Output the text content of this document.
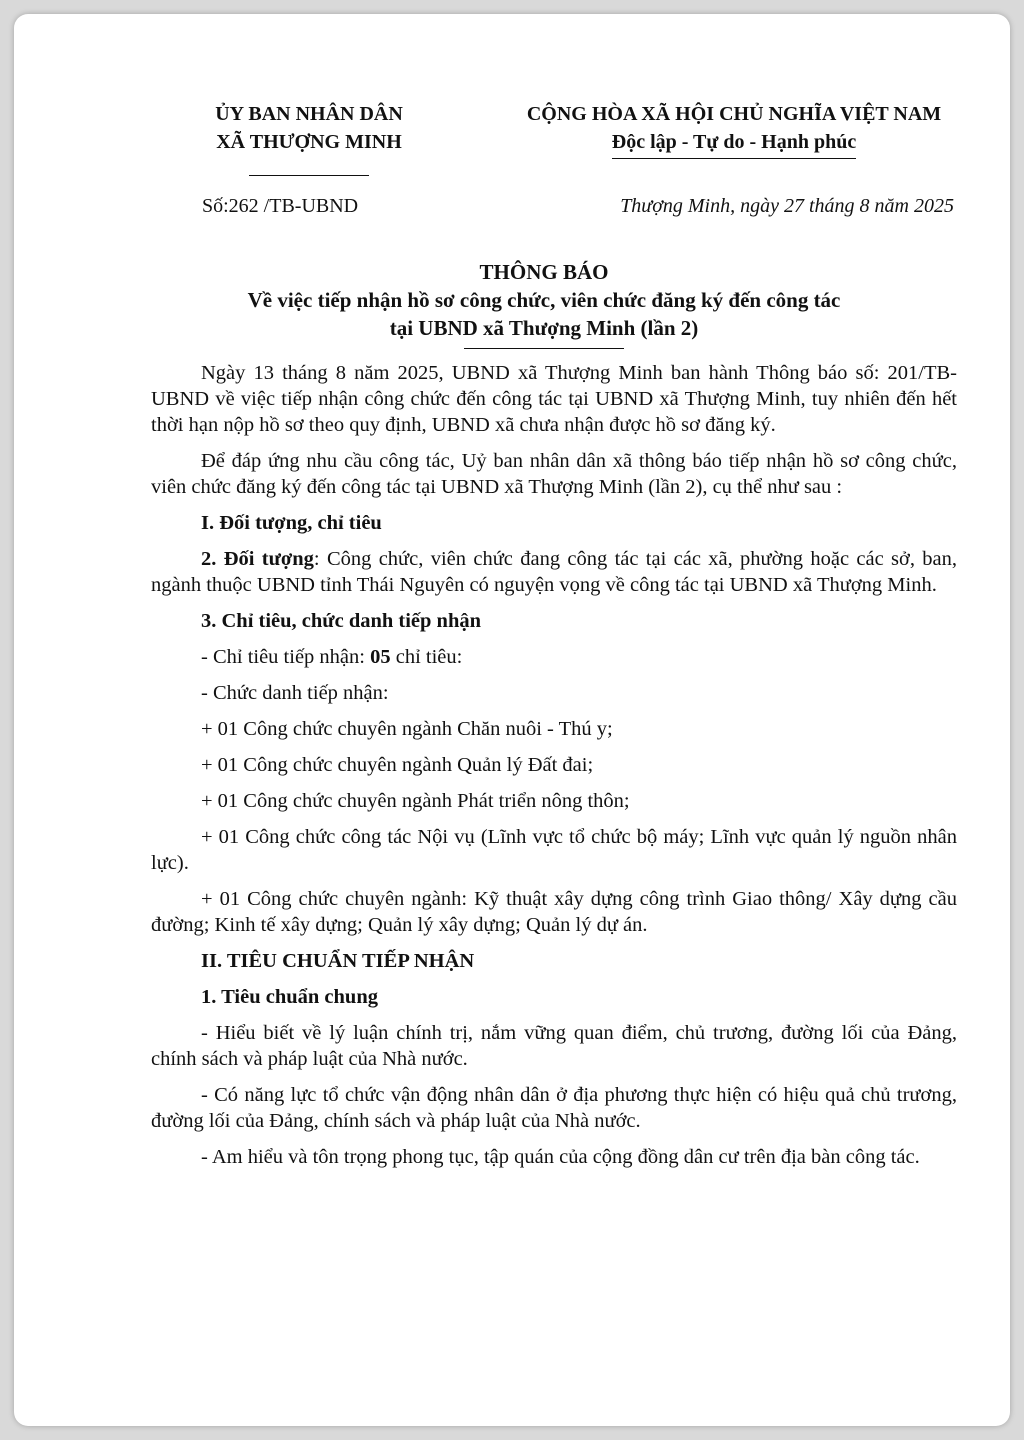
ỦY BAN NHÂN DÂN
XÃ THƯỢNG MINH
CỘNG HÒA XÃ HỘI CHỦ NGHĨA VIỆT NAM
Độc lập - Tự do - Hạnh phúc
Số:262 /TB-UBND	Thượng Minh, ngày 27 tháng 8 năm 2025
THÔNG BÁO
Về việc tiếp nhận hồ sơ công chức, viên chức đăng ký đến công tác
tại UBND xã Thượng Minh (lần 2)

Ngày 13 tháng 8 năm 2025, UBND xã Thượng Minh ban hành Thông báo số: 201/TB-UBND về việc tiếp nhận công chức đến công tác tại UBND xã Thượng Minh, tuy nhiên đến hết thời hạn nộp hồ sơ theo quy định, UBND xã chưa nhận được hồ sơ đăng ký.

Để đáp ứng nhu cầu công tác, Uỷ ban nhân dân xã thông báo tiếp nhận hồ sơ công chức, viên chức đăng ký đến công tác tại UBND xã Thượng Minh (lần 2), cụ thể như sau :

I. Đối tượng, chỉ tiêu

2. Đối tượng: Công chức, viên chức đang công tác tại các xã, phường hoặc các sở, ban, ngành thuộc UBND tỉnh Thái Nguyên có nguyện vọng về công tác tại UBND xã Thượng Minh.

3. Chỉ tiêu, chức danh tiếp nhận

- Chỉ tiêu tiếp nhận: 05 chỉ tiêu:

- Chức danh tiếp nhận:

+ 01 Công chức chuyên ngành Chăn nuôi - Thú y;

+ 01 Công chức chuyên ngành Quản lý Đất đai;

+ 01 Công chức chuyên ngành Phát triển nông thôn;

+ 01 Công chức công tác Nội vụ (Lĩnh vực tổ chức bộ máy; Lĩnh vực quản lý nguồn nhân lực).

+ 01 Công chức chuyên ngành: Kỹ thuật xây dựng công trình Giao thông/ Xây dựng cầu đường; Kinh tế xây dựng; Quản lý xây dựng; Quản lý dự án.

II. TIÊU CHUẨN TIẾP NHẬN

1. Tiêu chuẩn chung

- Hiểu biết về lý luận chính trị, nắm vững quan điểm, chủ trương, đường lối của Đảng, chính sách và pháp luật của Nhà nước.

- Có năng lực tổ chức vận động nhân dân ở địa phương thực hiện có hiệu quả chủ trương, đường lối của Đảng, chính sách và pháp luật của Nhà nước.

- Am hiểu và tôn trọng phong tục, tập quán của cộng đồng dân cư trên địa bàn công tác.
